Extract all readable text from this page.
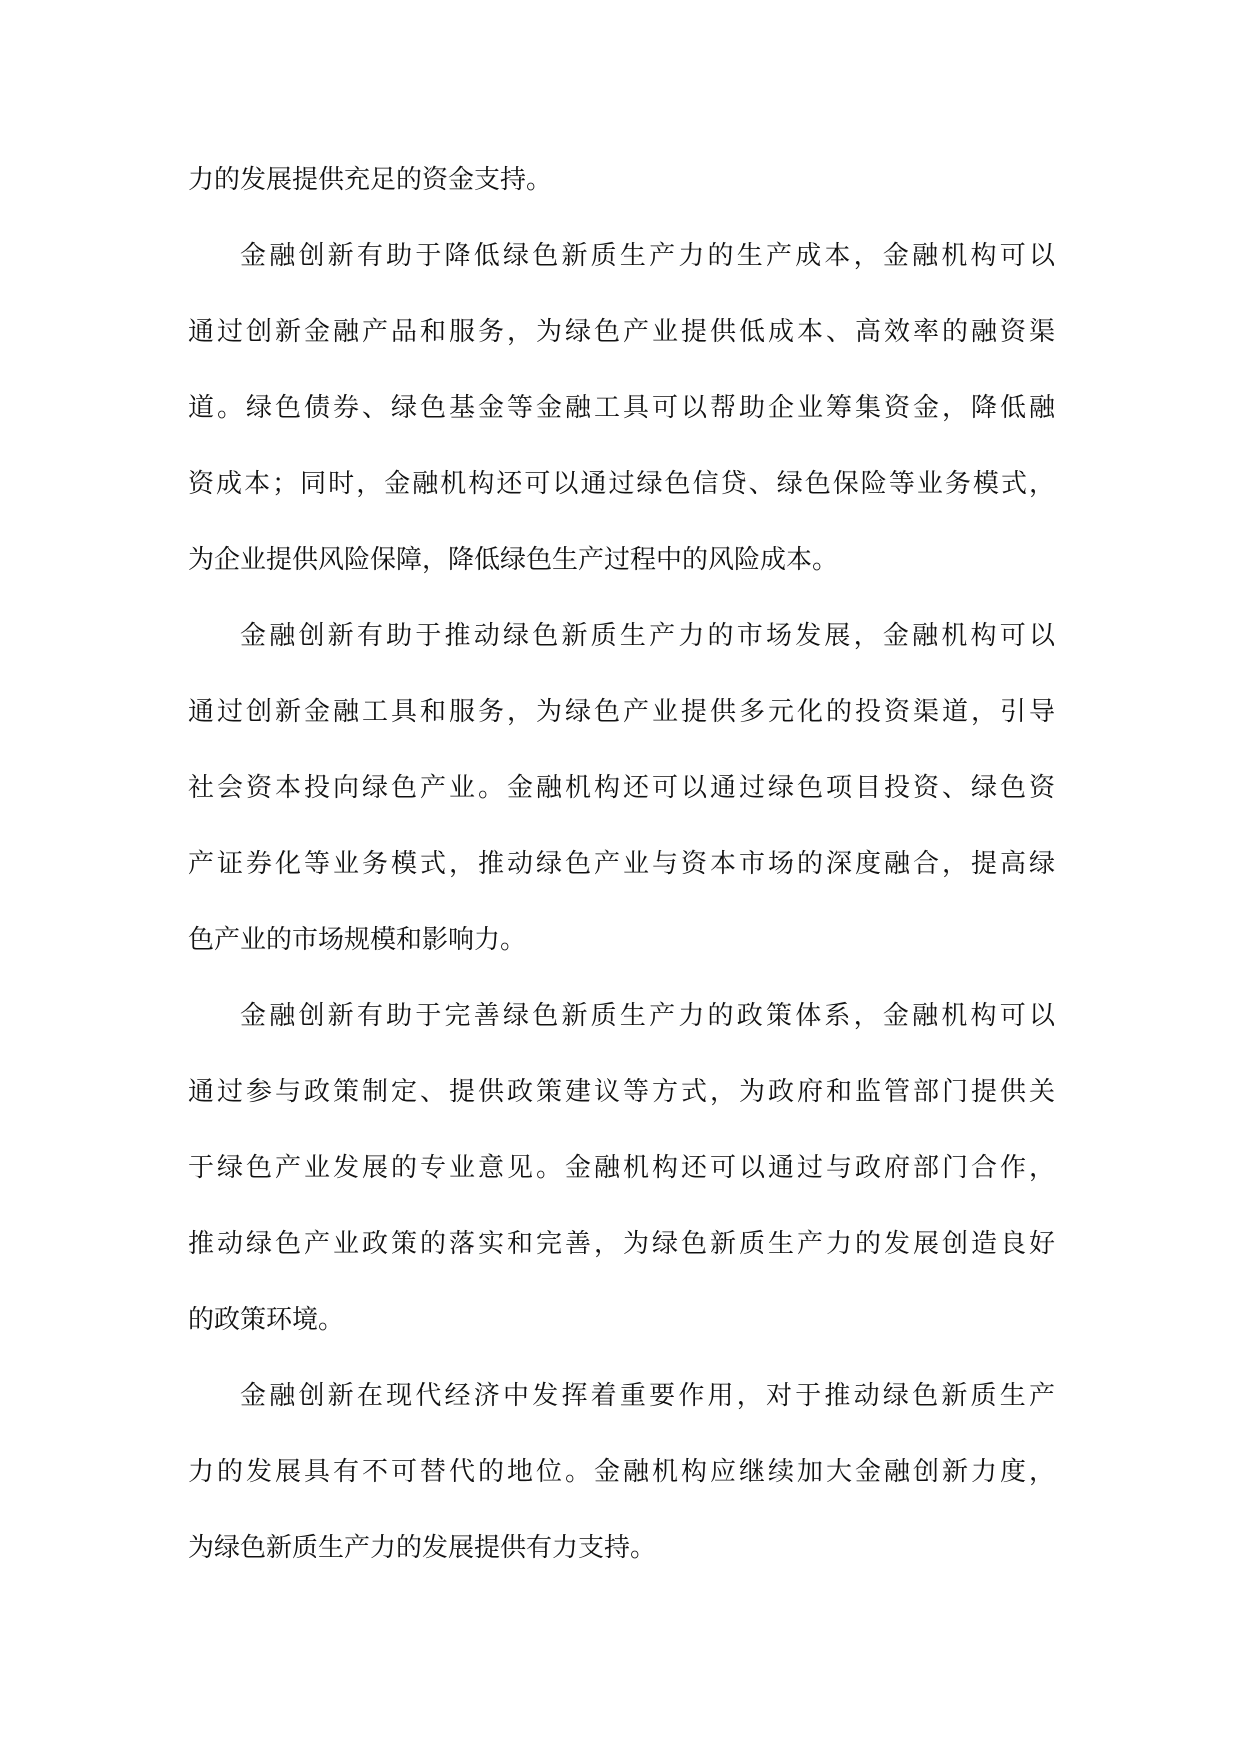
力的发展提供充足的资金支持。

金融创新有助于降低绿色新质生产力的生产成本，金融机构可以
通过创新金融产品和服务，为绿色产业提供低成本、高效率的融资渠
道。绿色债券、绿色基金等金融工具可以帮助企业筹集资金，降低融
资成本；同时，金融机构还可以通过绿色信贷、绿色保险等业务模式，
为企业提供风险保障，降低绿色生产过程中的风险成本。

金融创新有助于推动绿色新质生产力的市场发展，金融机构可以
通过创新金融工具和服务，为绿色产业提供多元化的投资渠道，引导
社会资本投向绿色产业。金融机构还可以通过绿色项目投资、绿色资
产证券化等业务模式，推动绿色产业与资本市场的深度融合，提高绿
色产业的市场规模和影响力。

金融创新有助于完善绿色新质生产力的政策体系，金融机构可以
通过参与政策制定、提供政策建议等方式，为政府和监管部门提供关
于绿色产业发展的专业意见。金融机构还可以通过与政府部门合作，
推动绿色产业政策的落实和完善，为绿色新质生产力的发展创造良好
的政策环境。

金融创新在现代经济中发挥着重要作用，对于推动绿色新质生产
力的发展具有不可替代的地位。金融机构应继续加大金融创新力度，
为绿色新质生产力的发展提供有力支持。
